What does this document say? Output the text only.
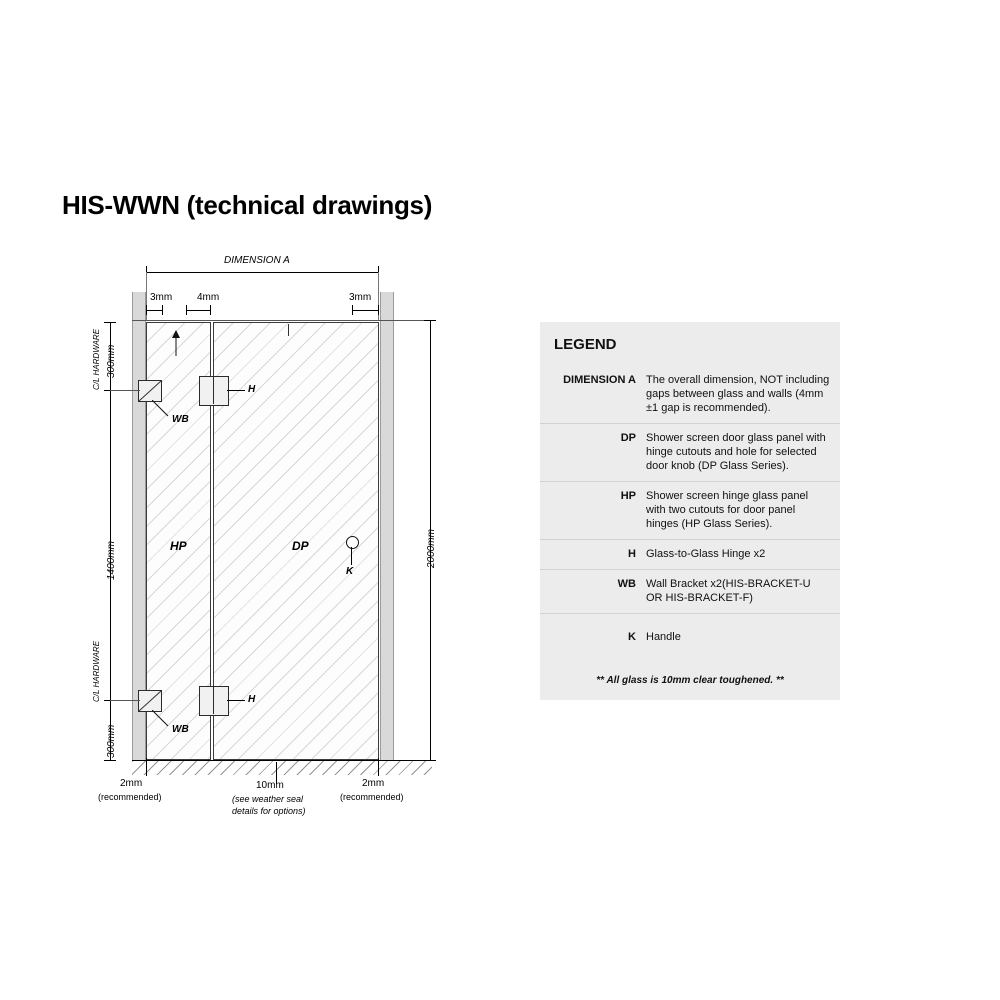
HIS-WWN (technical drawings)
DIMENSION A
3mm 4mm	3mm
H
WB
H
WB
HP	DP
K
2000mm
300mm
1400mm
300mm
C/L HARDWARE
C/L HARDWARE
2mm
(recommended)
10mm
(see weather seal
details for options)
2mm
(recommended)
LEGEND
DIMENSION A The overall dimension, NOT including gaps between glass and walls (4mm ±1 gap is recommended).
DP Shower screen door glass panel with hinge cutouts and hole for selected door knob (DP Glass Series).
HP Shower screen hinge glass panel with two cutouts for door panel hinges (HP Glass Series).
H Glass-to-Glass Hinge x2
WB Wall Bracket x2(HIS-BRACKET-U OR HIS-BRACKET-F)
K Handle
** All glass is 10mm clear toughened. **
